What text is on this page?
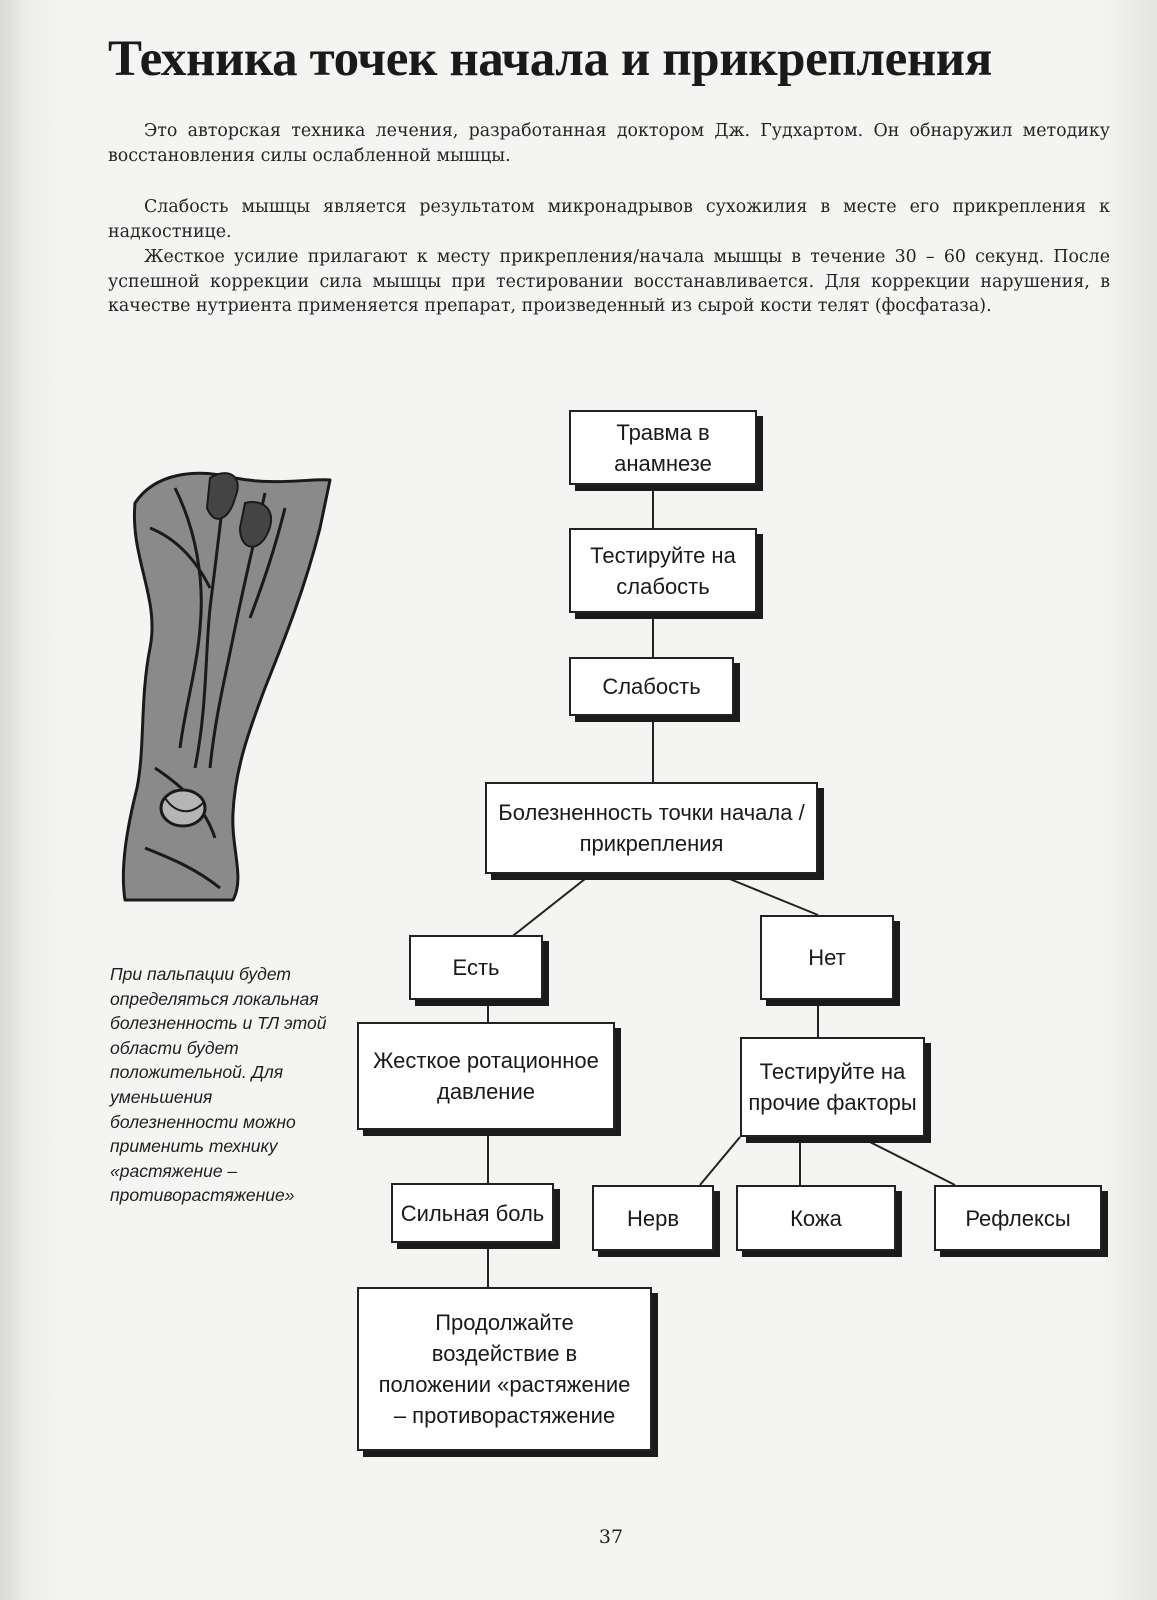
Техника точек начала и прикрепления
Это авторская техника лечения, разработанная доктором Дж. Гудхартом. Он обнаружил методику восстановления силы ослабленной мышцы.
Слабость мышцы является результатом микронадрывов сухожилия в месте его прикрепления к надкостнице.
Жесткое усилие прилагают к месту прикрепления/начала мышцы в течение 30 – 60 секунд. После успешной коррекции сила мышцы при тестировании восстанавливается. Для коррекции нарушения, в качестве нутриента применяется препарат, произведенный из сырой кости телят (фосфатаза).
При пальпации будет определяться локальная болезненность и ТЛ этой области будет положительной. Для уменьшения болезненности можно применить технику «растяжение – противорастяжение»
Травма в анамнезе
Тестируйте на слабость
Слабость
Болезненность точки начала / прикрепления
Есть	Нет
Жесткое ротационное давление
Тестируйте на прочие факторы
Сильная боль	Нерв	Кожа	Рефлексы
Продолжайте воздействие в положении «растяжение – противорастяжение
37
